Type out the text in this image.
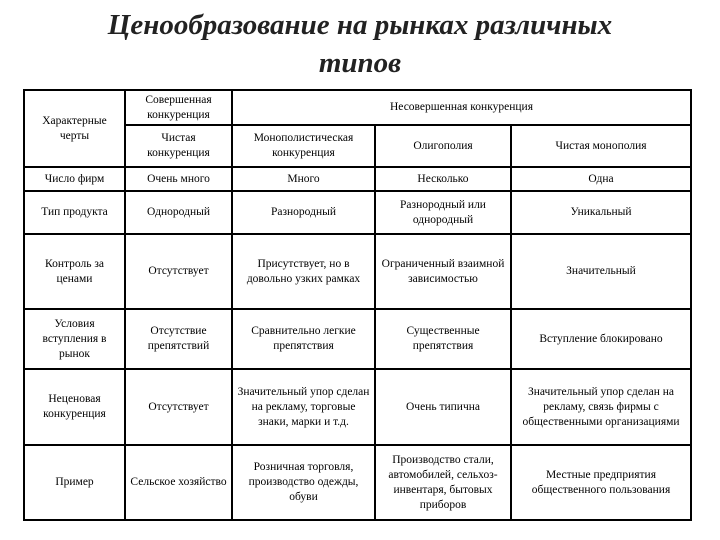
Ценообразование на рынках различных
типов
Характерные черты	Совершенная конкуренция	Несовершенная конкуренция		
	Чистая конкуренция	Монополистическая конкуренция	Олигополия	Чистая монополия
Число фирм	Очень много	Много	Несколько	Одна
Тип продукта	Однородный	Разнородный	Разнородный или однородный	Уникальный
Контроль за ценами	Отсутствует	Присутствует, но в довольно узких рамках	Ограниченный взаимной зависимостью	Значительный
Условия вступления в рынок	Отсутствие препятствий	Сравнительно легкие препятствия	Существенные препятствия	Вступление блокировано
Неценовая конкуренция	Отсутствует	Значительный упор сделан на рекламу, торговые знаки, марки и т.д.	Очень типична	Значительный упор сделан на рекламу, связь фирмы с общественными организациями
Пример	Сельское хозяйство	Розничная торговля, производство одежды, обуви	Производство стали, автомобилей, сельхоз-инвентаря, бытовых приборов	Местные предприятия общественного пользования
